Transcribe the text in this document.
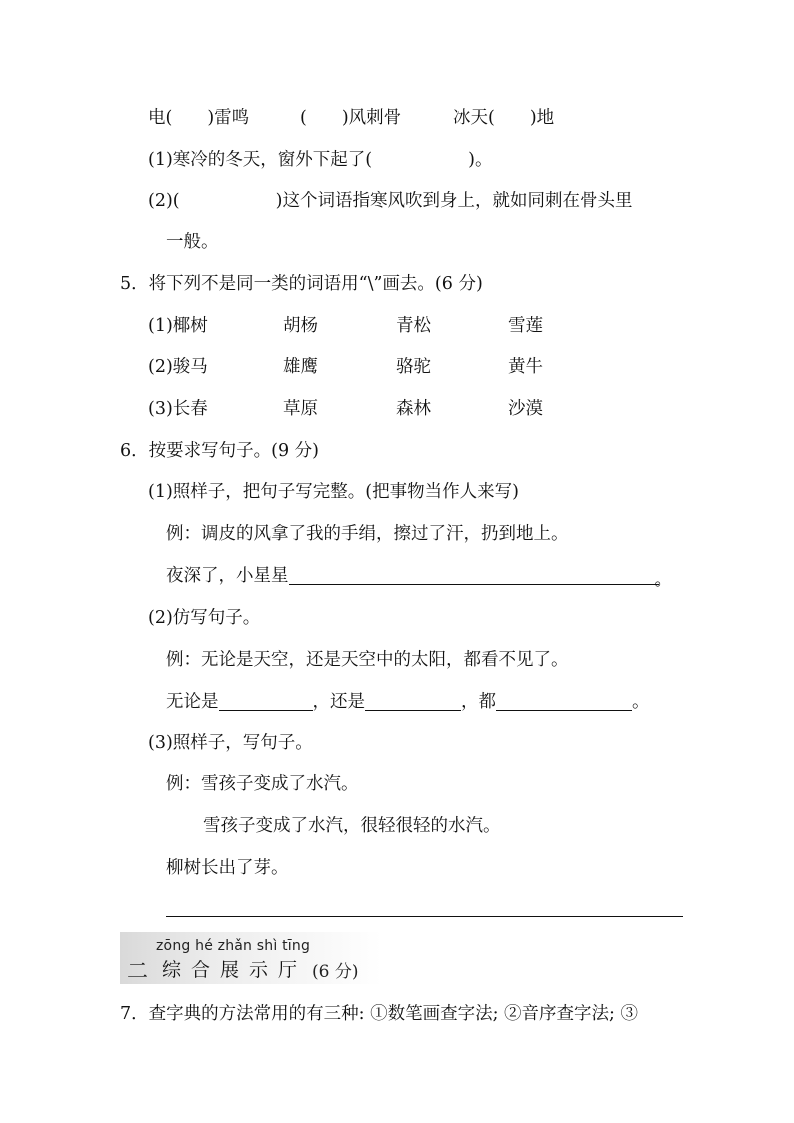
电(　　)雷鸣	(　　)风刺骨	冰天(　　)地
(1)寒冷的冬天，窗外下起了(	)。
(2)(	)这个词语指寒风吹到身上，就如同刺在骨头里
一般。
5．将下列不是同一类的词语用“\”画去。(6 分)
(1)椰树	胡杨	青松	雪莲
(2)骏马	雄鹰	骆驼	黄牛
(3)长春	草原	森林	沙漠
6．按要求写句子。(9 分)
(1)照样子，把句子写完整。(把事物当作人来写)
例：调皮的风拿了我的手绢，擦过了汗，扔到地上。
夜深了，小星星	。
(2)仿写句子。
例：无论是天空，还是天空中的太阳，都看不见了。
无论是	，还是	，都	。
(3)照样子，写句子。
例：雪孩子变成了水汽。
雪孩子变成了水汽，很轻很轻的水汽。
柳树长出了芽。
zōng hé zhǎn shì tīng
二 综合展示厅 (6 分)
7．查字典的方法常用的有三种: ①数笔画查字法; ②音序查字法; ③
